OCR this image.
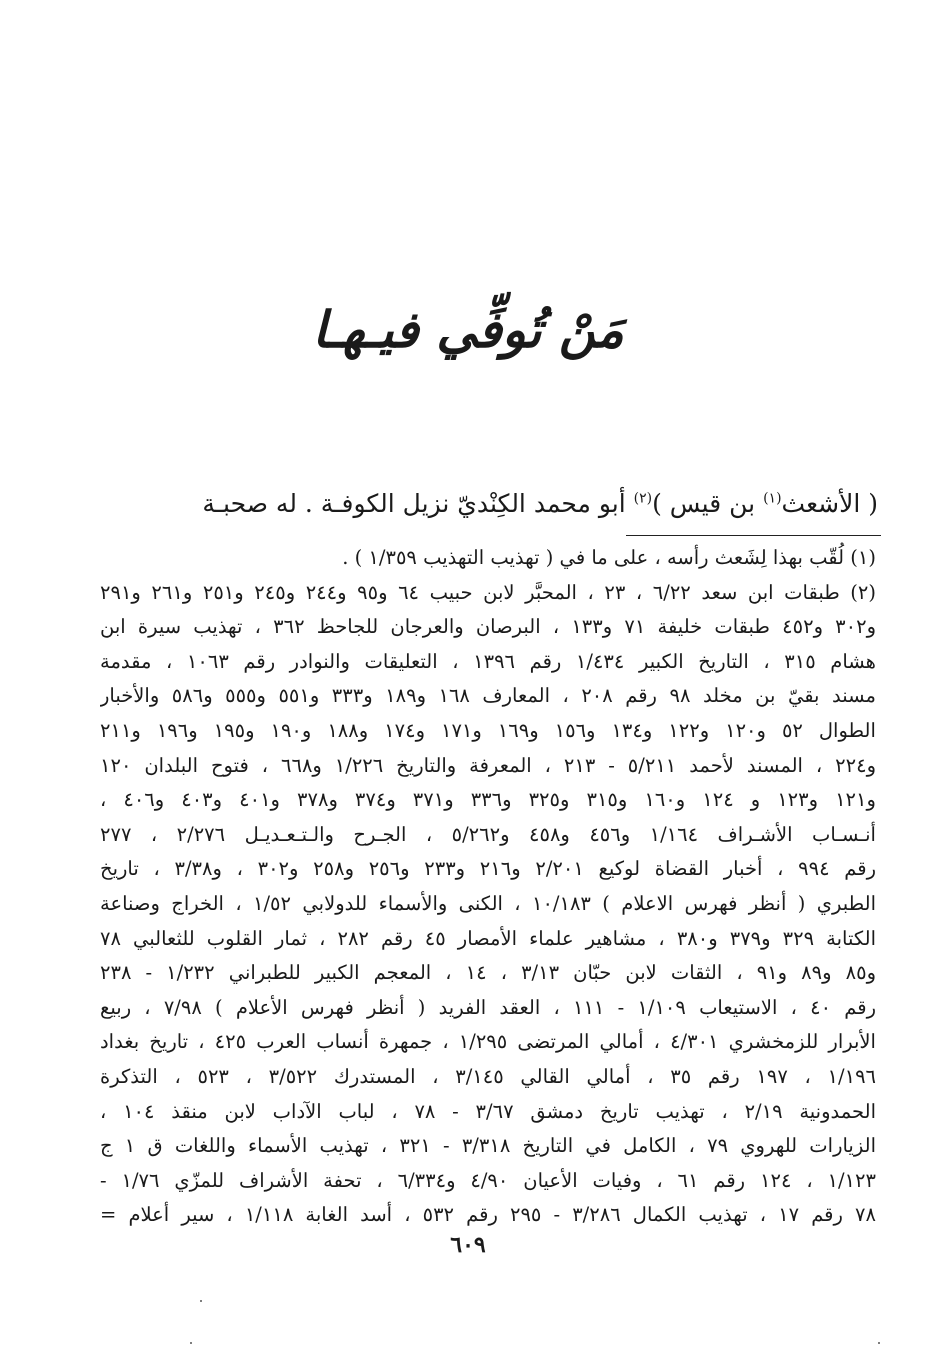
مَنْ تُوفِّي فيـهـا
( الأشعث$^{(١)}$ بن قيس )$^{(٢)}$ أبو محمد الكِنْديّ نزيل الكوفـة . له صحبـة
(١) لُقّب بهذا لِشَعث رأسه ، على ما في ( تهذيب التهذيب ١/٣٥٩ ) .
(٢) طبقات ابن سعد ٦/٢٢ ، ٢٣ ، المحبَّر لابن حبيب ٦٤ و٩٥ و٢٤٤ و٢٤٥ و٢٥١ و٢٦١ و٢٩١
و٣٠٢ و٤٥٢ طبقات خليفة ٧١ و١٣٣ ، البرصان والعرجان للجاحظ ٣٦٢ ، تهذيب سيرة ابن
هشام ٣١٥ ، التاريخ الكبير ١/٤٣٤ رقم ١٣٩٦ ، التعليقات والنوادر رقم ١٠٦٣ ، مقدمة
مسند بقيّ بن مخلد ٩٨ رقم ٢٠٨ ، المعارف ١٦٨ و١٨٩ و٣٣٣ و٥٥١ و٥٥٥ و٥٨٦ والأخبار
الطوال ٥٢ و١٢٠ و١٢٢ و١٣٤ و١٥٦ و١٦٩ و١٧١ و١٧٤ و١٨٨ و١٩٠ و١٩٥ و١٩٦ و٢١١
و٢٢٤ ، المسند لأحمد ٥/٢١١ - ٢١٣ ، المعرفة والتاريخ ١/٢٢٦ و٦٦٨ ، فتوح البلدان ١٢٠
و١٢١ و١٢٣ و ١٢٤ و١٦٠ و٣١٥ و٣٢٥ و٣٣٦ و٣٧١ و٣٧٤ و٣٧٨ و٤٠١ و٤٠٣ و٤٠٦ ،
أنـسـاب الأشـراف ١/١٦٤ و٤٥٦ و٤٥٨ و٥/٢٦٢ ، الجـرح والـتـعـديـل ٢/٢٧٦ ، ٢٧٧
رقم ٩٩٤ ، أخبار القضاة لوكيع ٢/٢٠١ و٢١٦ و٢٣٣ و٢٥٦ و٢٥٨ و٣٠٢ ، و٣/٣٨ ، تاريخ
الطبري ( أنظر فهرس الاعلام ) ١٠/١٨٣ ، الكنى والأسماء للدولابي ١/٥٢ ، الخراج وصناعة
الكتابة ٣٢٩ و٣٧٩ و٣٨٠ ، مشاهير علماء الأمصار ٤٥ رقم ٢٨٢ ، ثمار القلوب للثعالبي ٧٨
و٨٥ و٨٩ و٩١ ، الثقات لابن حبّان ٣/١٣ ، ١٤ ، المعجم الكبير للطبراني ١/٢٣٢ - ٢٣٨
رقم ٤٠ ، الاستيعاب ١/١٠٩ - ١١١ ، العقد الفريد ( أنظر فهرس الأعلام ) ٧/٩٨ ، ربيع
الأبرار للزمخشري ٤/٣٠١ ، أمالي المرتضى ١/٢٩٥ ، جمهرة أنساب العرب ٤٢٥ ، تاريخ بغداد
١/١٩٦ ، ١٩٧ رقم ٣٥ ، أمالي القالي ٣/١٤٥ ، المستدرك ٣/٥٢٢ ، ٥٢٣ ، التذكرة
الحمدونية ٢/١٩ ، تهذيب تاريخ دمشق ٣/٦٧ - ٧٨ ، لباب الآداب لابن منقذ ١٠٤ ،
الزيارات للهروي ٧٩ ، الكامل في التاريخ ٣/٣١٨ - ٣٢١ ، تهذيب الأسماء واللغات ق ١ ج
١/١٢٣ ، ١٢٤ رقم ٦١ ، وفيات الأعيان ٤/٩٠ و٦/٣٣٤ ، تحفة الأشراف للمزّي ١/٧٦ -
٧٨ رقم ١٧ ، تهذيب الكمال ٣/٢٨٦ - ٢٩٥ رقم ٥٣٢ ، أسد الغابة ١/١١٨ ، سير أعلام =
٦٠٩
